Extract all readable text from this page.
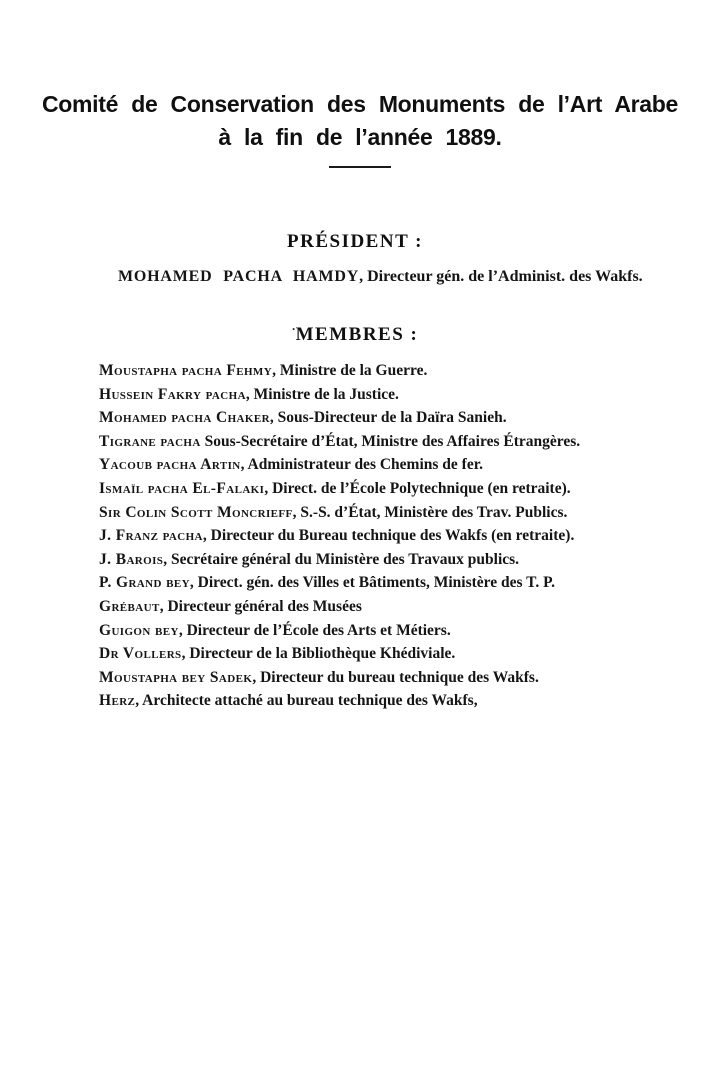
Comité de Conservation des Monuments de l’Art Arabe
à la fin de l’année 1889.
PRÉSIDENT :
MOHAMED PACHA HAMDY, Directeur gén. de l’Administ. des Wakfs.
·MEMBRES :
Moustapha pacha Fehmy, Ministre de la Guerre.
Hussein Fakry pacha, Ministre de la Justice.
Mohamed pacha Chaker, Sous-Directeur de la Daïra Sanieh.
Tigrane pacha Sous-Secrétaire d’État, Ministre des Affaires Étrangères.
Yacoub pacha Artin, Administrateur des Chemins de fer.
Ismaïl pacha El-Falaki, Direct. de l’École Polytechnique (en retraite).
Sir Colin Scott Moncrieff, S.-S. d’État, Ministère des Trav. Publics.
J. Franz pacha, Directeur du Bureau technique des Wakfs (en retraite).
J. Barois, Secrétaire général du Ministère des Travaux publics.
P. Grand bey, Direct. gén. des Villes et Bâtiments, Ministère des T. P.
Grébaut, Directeur général des Musées
Guigon bey, Directeur de l’École des Arts et Métiers.
Dr Vollers, Directeur de la Bibliothèque Khédiviale.
Moustapha bey Sadek, Directeur du bureau technique des Wakfs.
Herz, Architecte attaché au bureau technique des Wakfs,
